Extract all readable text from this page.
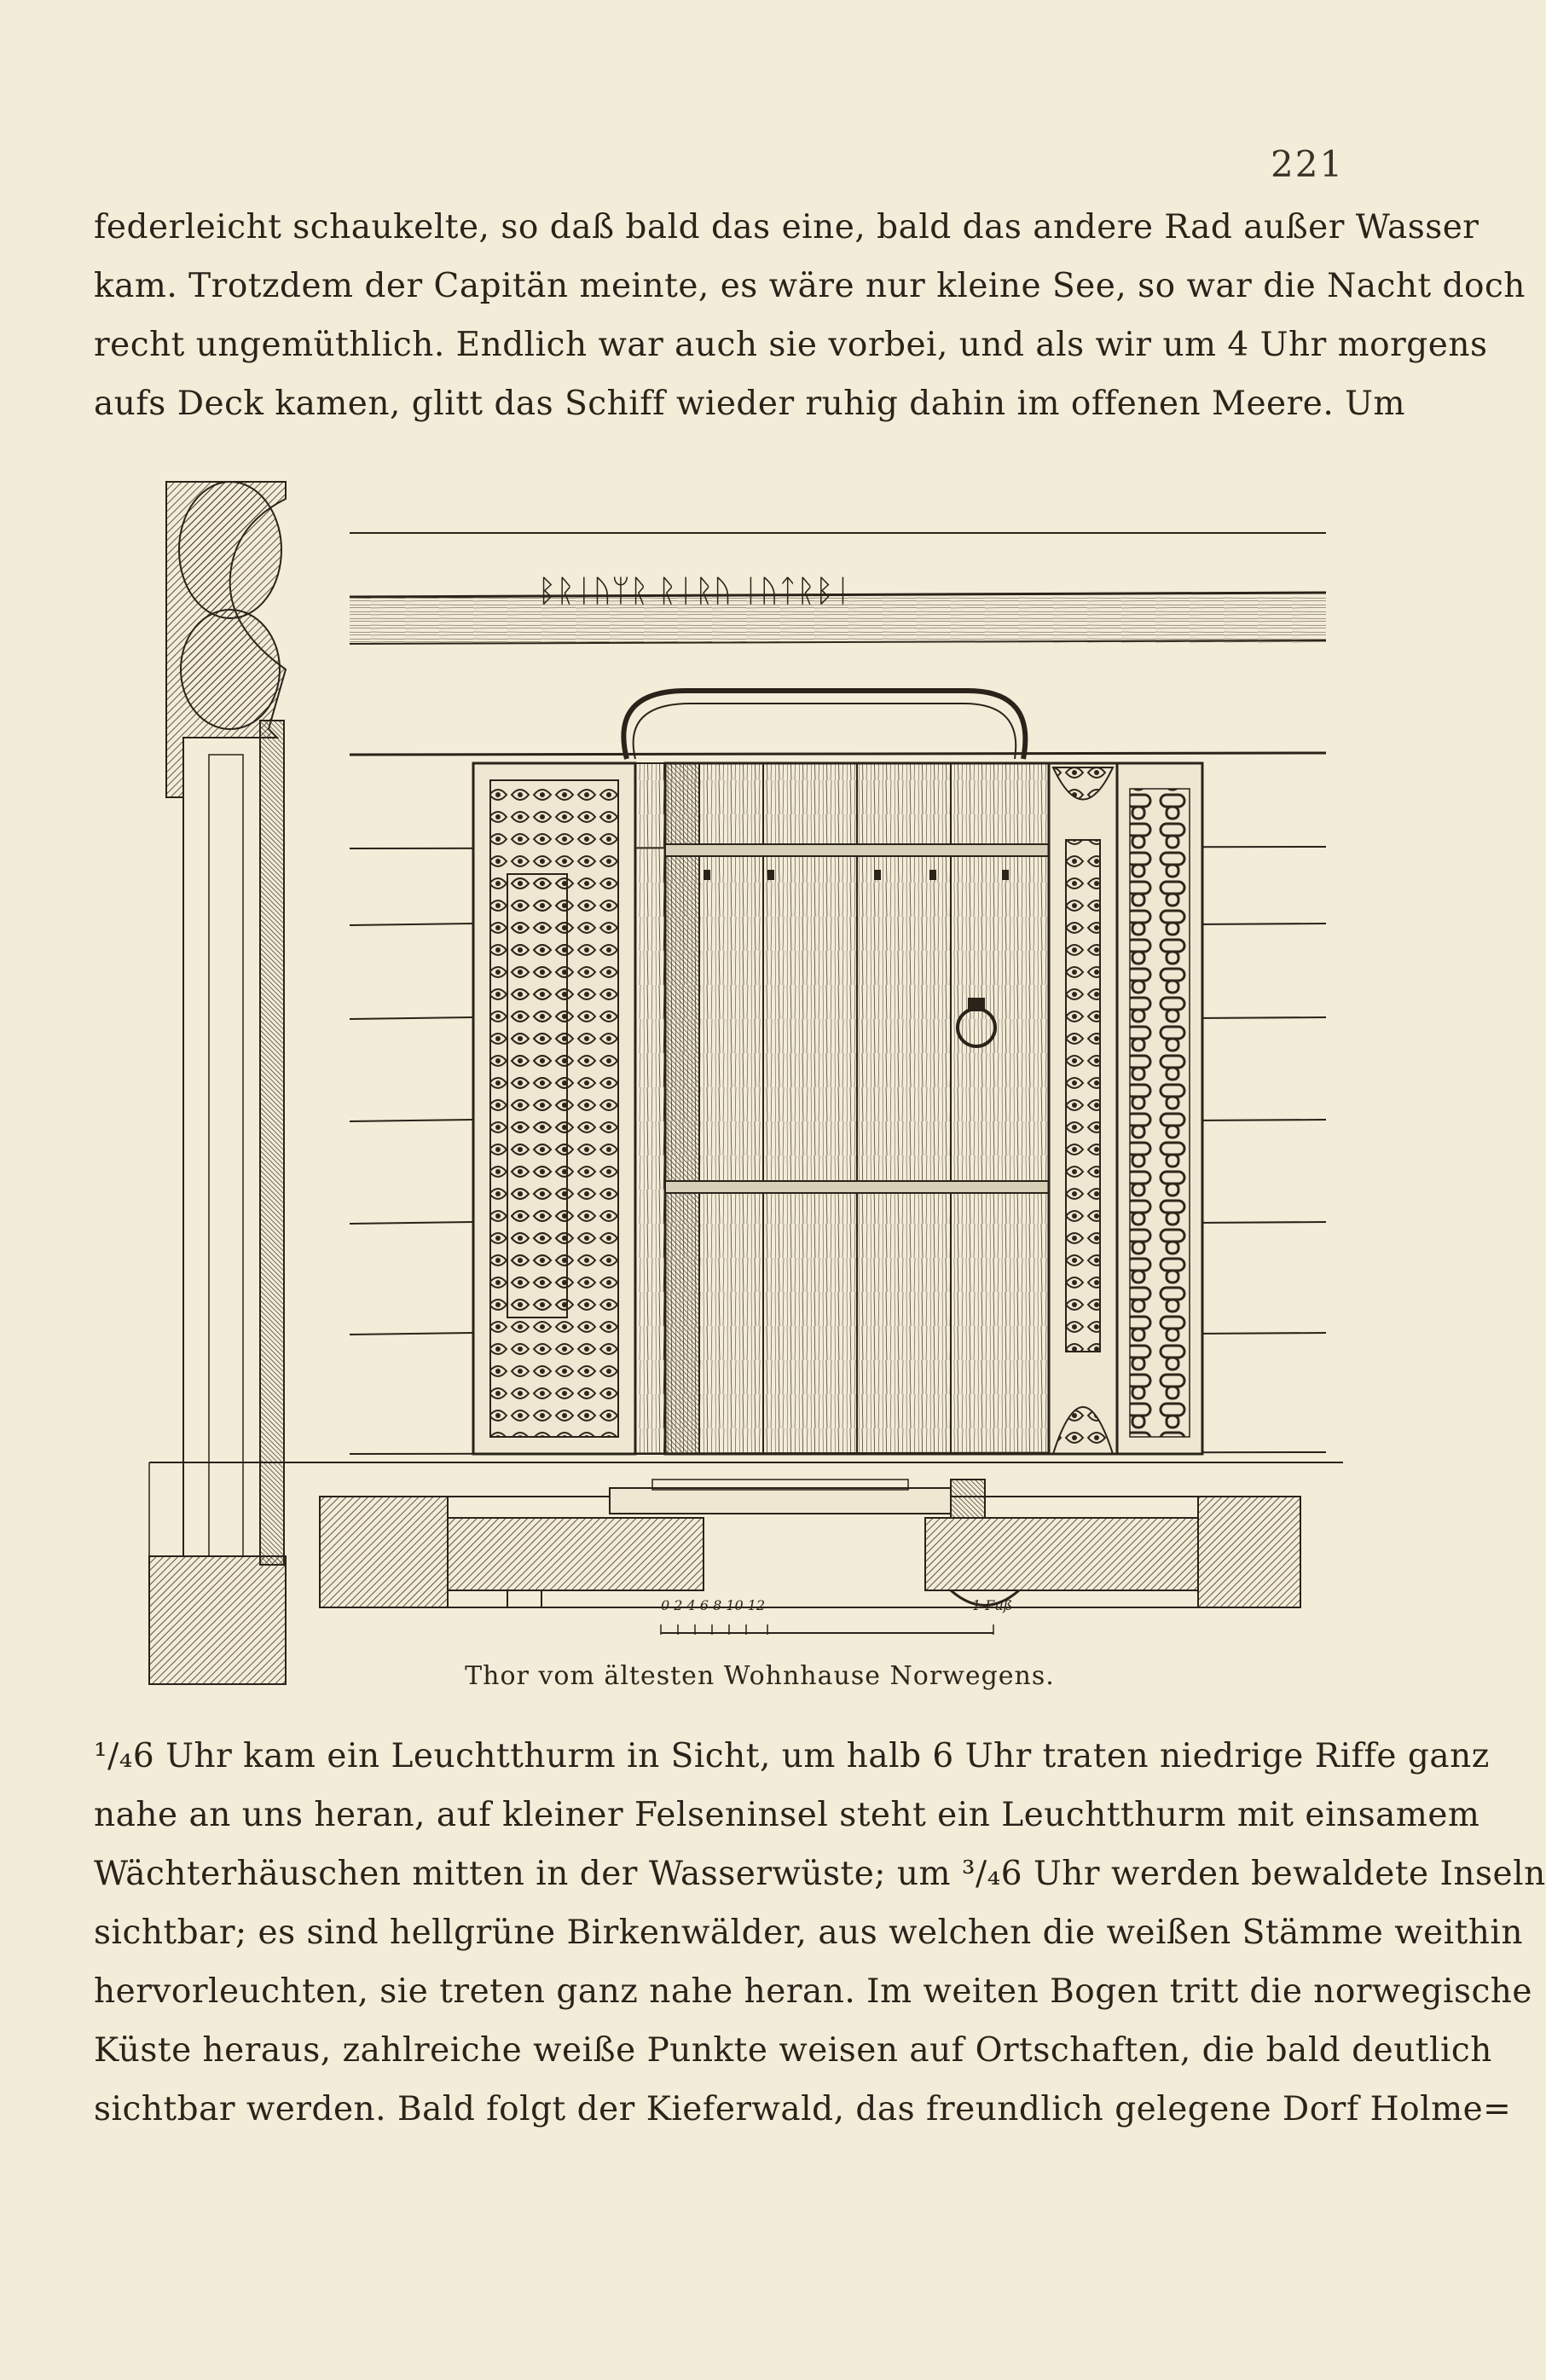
221
federleicht schaukelte, so daß bald das eine, bald das andere Rad außer Wasser
kam. Trotzdem der Capitän meinte, es wäre nur kleine See, so war die Nacht doch
recht ungemüthlich. Endlich war auch sie vorbei, und als wir um 4 Uhr morgens
aufs Deck kamen, glitt das Schiff wieder ruhig dahin im offenen Meere. Um
ᛒᚱᛁᚢᛘᚱ ᚱᛁᚱᚢ ᛁᚢᛏᚱᛒᛁ
0 2 4 6 8 10 12	1 Fuß
Thor vom ältesten Wohnhause Norwegens.
¹/₄6 Uhr kam ein Leuchtthurm in Sicht, um halb 6 Uhr traten niedrige Riffe ganz
nahe an uns heran, auf kleiner Felseninsel steht ein Leuchtthurm mit einsamem
Wächterhäuschen mitten in der Wasserwüste; um ³/₄6 Uhr werden bewaldete Inseln
sichtbar; es sind hellgrüne Birkenwälder, aus welchen die weißen Stämme weithin
hervorleuchten, sie treten ganz nahe heran. Im weiten Bogen tritt die norwegische
Küste heraus, zahlreiche weiße Punkte weisen auf Ortschaften, die bald deutlich
sichtbar werden. Bald folgt der Kieferwald, das freundlich gelegene Dorf Holme=
